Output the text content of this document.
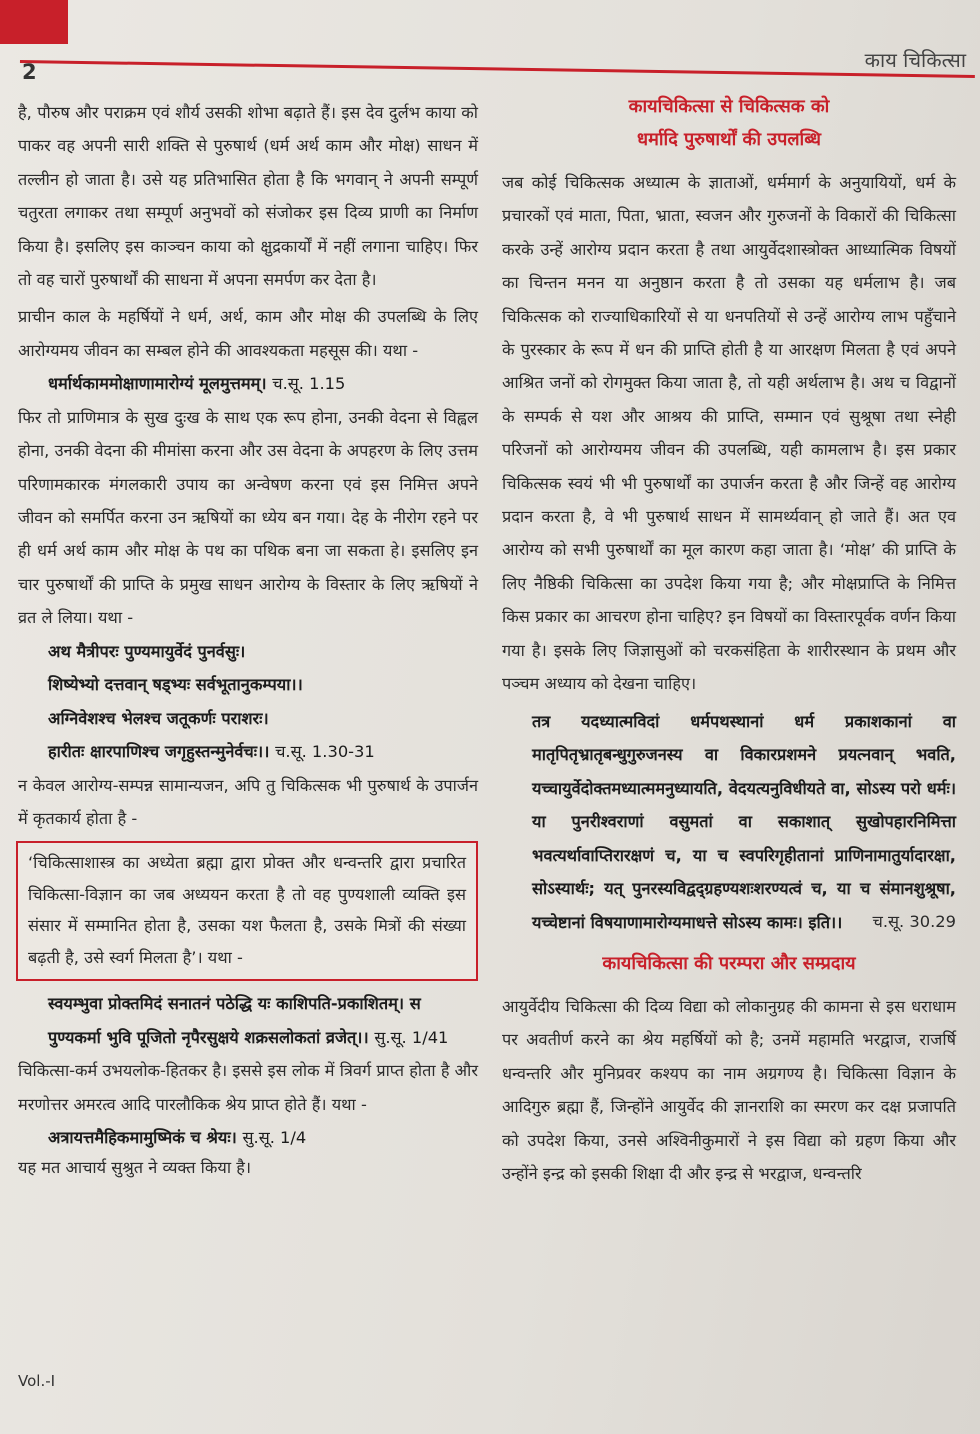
2	काय चिकित्सा

है, पौरुष और पराक्रम एवं शौर्य उसकी शोभा बढ़ाते हैं। इस देव दुर्लभ काया को पाकर वह अपनी सारी शक्ति से पुरुषार्थ (धर्म अर्थ काम और मोक्ष) साधन में तल्लीन हो जाता है। उसे यह प्रतिभासित होता है कि भगवान् ने अपनी सम्पूर्ण चतुरता लगाकर तथा सम्पूर्ण अनुभवों को संजोकर इस दिव्य प्राणी का निर्माण किया है। इसलिए इस काञ्चन काया को क्षुद्रकार्यों में नहीं लगाना चाहिए। फिर तो वह चारों पुरुषार्थों की साधना में अपना समर्पण कर देता है।

प्राचीन काल के महर्षियों ने धर्म, अर्थ, काम और मोक्ष की उपलब्धि के लिए आरोग्यमय जीवन का सम्बल होने की आवश्यकता महसूस की। यथा -

धर्मार्थकाममोक्षाणामारोग्यं मूलमुत्तमम्। च.सू. 1.15

फिर तो प्राणिमात्र के सुख दुःख के साथ एक रूप होना, उनकी वेदना से विह्वल होना, उनकी वेदना की मीमांसा करना और उस वेदना के अपहरण के लिए उत्तम परिणामकारक मंगलकारी उपाय का अन्वेषण करना एवं इस निमित्त अपने जीवन को समर्पित करना उन ऋषियों का ध्येय बन गया। देह के नीरोग रहने पर ही धर्म अर्थ काम और मोक्ष के पथ का पथिक बना जा सकता हे। इसलिए इन चार पुरुषार्थों की प्राप्ति के प्रमुख साधन आरोग्य के विस्तार के लिए ऋषियों ने व्रत ले लिया। यथा -

अथ मैत्रीपरः पुण्यमायुर्वेदं पुनर्वसुः।

शिष्येभ्यो दत्तवान् षड्भ्यः सर्वभूतानुकम्पया।।

अग्निवेशश्च भेलश्च जतूकर्णः पराशरः।

हारीतः क्षारपाणिश्च जगृहुस्तन्मुनेर्वचः।। च.सू. 1.30-31

न केवल आरोग्य-सम्पन्न सामान्यजन, अपि तु चिकित्सक भी पुरुषार्थ के उपार्जन में कृतकार्य होता है -

‘चिकित्साशास्त्र का अध्येता ब्रह्मा द्वारा प्रोक्त और धन्वन्तरि द्वारा प्रचारित चिकित्सा-विज्ञान का जब अध्ययन करता है तो वह पुण्यशाली व्यक्ति इस संसार में सम्मानित होता है, उसका यश फैलता है, उसके मित्रों की संख्या बढ़ती है, उसे स्वर्ग मिलता है’। यथा -

स्वयम्भुवा प्रोक्तमिदं सनातनं पठेद्धि यः काशिपति-प्रकाशितम्। स पुण्यकर्मा भुवि पूजितो नृपैरसुक्षये शक्रसलोकतां व्रजेत्।। सु.सू. 1/41

चिकित्सा-कर्म उभयलोक-हितकर है। इससे इस लोक में त्रिवर्ग प्राप्त होता है और मरणोत्तर अमरत्व आदि पारलौकिक श्रेय प्राप्त होते हैं। यथा -

अत्रायत्तमैहिकमामुष्मिकं च श्रेयः। सु.सू. 1/4

यह मत आचार्य सुश्रुत ने व्यक्त किया है।

कायचिकित्सा से चिकित्सक को

धर्मादि पुरुषार्थों की उपलब्धि

जब कोई चिकित्सक अध्यात्म के ज्ञाताओं, धर्ममार्ग के अनुयायियों, धर्म के प्रचारकों एवं माता, पिता, भ्राता, स्वजन और गुरुजनों के विकारों की चिकित्सा करके उन्हें आरोग्य प्रदान करता है तथा आयुर्वेदशास्त्रोक्त आध्यात्मिक विषयों का चिन्तन मनन या अनुष्ठान करता है तो उसका यह धर्मलाभ है। जब चिकित्सक को राज्याधिकारियों से या धनपतियों से उन्हें आरोग्य लाभ पहुँचाने के पुरस्कार के रूप में धन की प्राप्ति होती है या आरक्षण मिलता है एवं अपने आश्रित जनों को रोगमुक्त किया जाता है, तो यही अर्थलाभ है। अथ च विद्वानों के सम्पर्क से यश और आश्रय की प्राप्ति, सम्मान एवं सुश्रूषा तथा स्नेही परिजनों को आरोग्यमय जीवन की उपलब्धि, यही कामलाभ है। इस प्रकार चिकित्सक स्वयं भी भी पुरुषार्थों का उपार्जन करता है और जिन्हें वह आरोग्य प्रदान करता है, वे भी पुरुषार्थ साधन में सामर्थ्यवान् हो जाते हैं। अत एव आरोग्य को सभी पुरुषार्थों का मूल कारण कहा जाता है। ‘मोक्ष’ की प्राप्ति के लिए नैष्ठिकी चिकित्सा का उपदेश किया गया है; और मोक्षप्राप्ति के निमित्त किस प्रकार का आचरण होना चाहिए? इन विषयों का विस्तारपूर्वक वर्णन किया गया है। इसके लिए जिज्ञासुओं को चरकसंहिता के शारीरस्थान के प्रथम और पञ्चम अध्याय को देखना चाहिए।

तत्र यदध्यात्मविदां धर्मपथस्थानां धर्म प्रकाशकानां वा मातृपितृभ्रातृबन्धुगुरुजनस्य वा विकारप्रशमने प्रयत्नवान् भवति, यच्चायुर्वेदोक्तमध्यात्ममनुध्यायति, वेदयत्यनुविधीयते वा, सोऽस्य परो धर्मः। या पुनरीश्वराणां वसुमतां वा सकाशात् सुखोपहारनिमित्ता भवत्यर्थावाप्तिरारक्षणं च, या च स्वपरिगृहीतानां प्राणिनामातुर्यादारक्षा, सोऽस्यार्थः; यत् पुनरस्यविद्वद्ग्रहण्यशःशरण्यत्वं च, या च संमानशुश्रूषा, यच्चेष्टानां विषयाणामारोग्यमाधत्ते सोऽस्य कामः। इति।।	च.सू. 30.29

कायचिकित्सा की परम्परा और सम्प्रदाय

आयुर्वेदीय चिकित्सा की दिव्य विद्या को लोकानुग्रह की कामना से इस धराधाम पर अवतीर्ण करने का श्रेय महर्षियों को है; उनमें महामति भरद्वाज, राजर्षि धन्वन्तरि और मुनिप्रवर कश्यप का नाम अग्रगण्य है। चिकित्सा विज्ञान के आदिगुरु ब्रह्मा हैं, जिन्होंने आयुर्वेद की ज्ञानराशि का स्मरण कर दक्ष प्रजापति को उपदेश किया, उनसे अश्विनीकुमारों ने इस विद्या को ग्रहण किया और उन्होंने इन्द्र को इसकी शिक्षा दी और इन्द्र से भरद्वाज, धन्वन्तरि

Vol.-I
